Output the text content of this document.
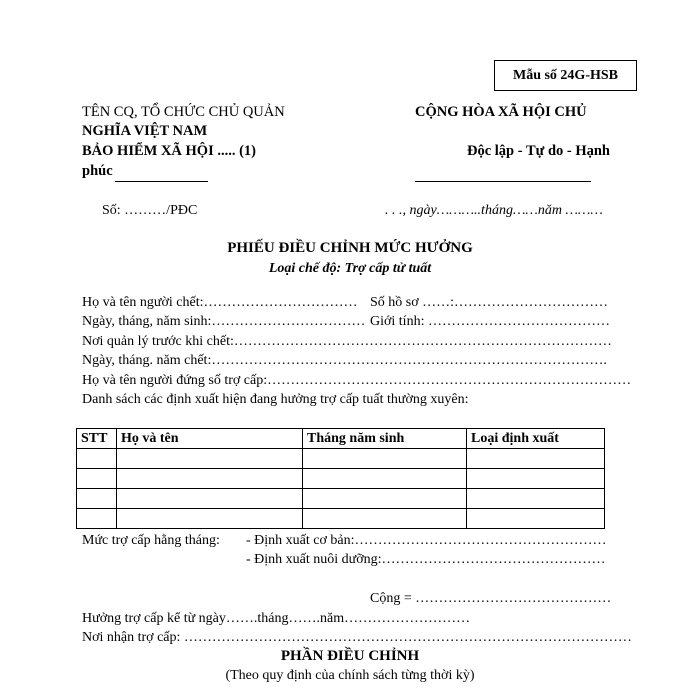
Mẫu số 24G-HSB
TÊN CQ, TỔ CHỨC CHỦ QUẢN
NGHĨA VIỆT NAM
BẢO HIỂM XÃ HỘI ..... (1)
phúc
CỘNG HÒA XÃ HỘI CHỦ
Độc lập - Tự do - Hạnh
Số: ………/PĐC	. . ., ngày………..tháng……năm ………
PHIẾU ĐIỀU CHỈNH MỨC HƯỞNG
Loại chế độ: Trợ cấp tử tuất
Họ và tên người chết:…………………………… Số hồ sơ ……:……………………………
Ngày, tháng, năm sinh:…………………………… Giới tính: …………………………………
Nơi quản lý trước khi chết:………………………………………………………………………
Ngày, tháng. năm chết:………………………………………………………………………….
Họ và tên người đứng số trợ cấp:……………………………………………………………………
Danh sách các định xuất hiện đang hưởng trợ cấp tuất thường xuyên:
STT	Họ và tên	Tháng năm sinh	Loại định xuất

Mức trợ cấp hằng tháng: - Định xuất cơ bản:………………………………………………
- Định xuất nuôi dưỡng:…………………………………………
Cộng = ……………………………………
Hưởng trợ cấp kể từ ngày…….tháng…….năm………………………
Nơi nhận trợ cấp: ……………………………………………………………………………………
PHẦN ĐIỀU CHỈNH
(Theo quy định của chính sách từng thời kỳ)
